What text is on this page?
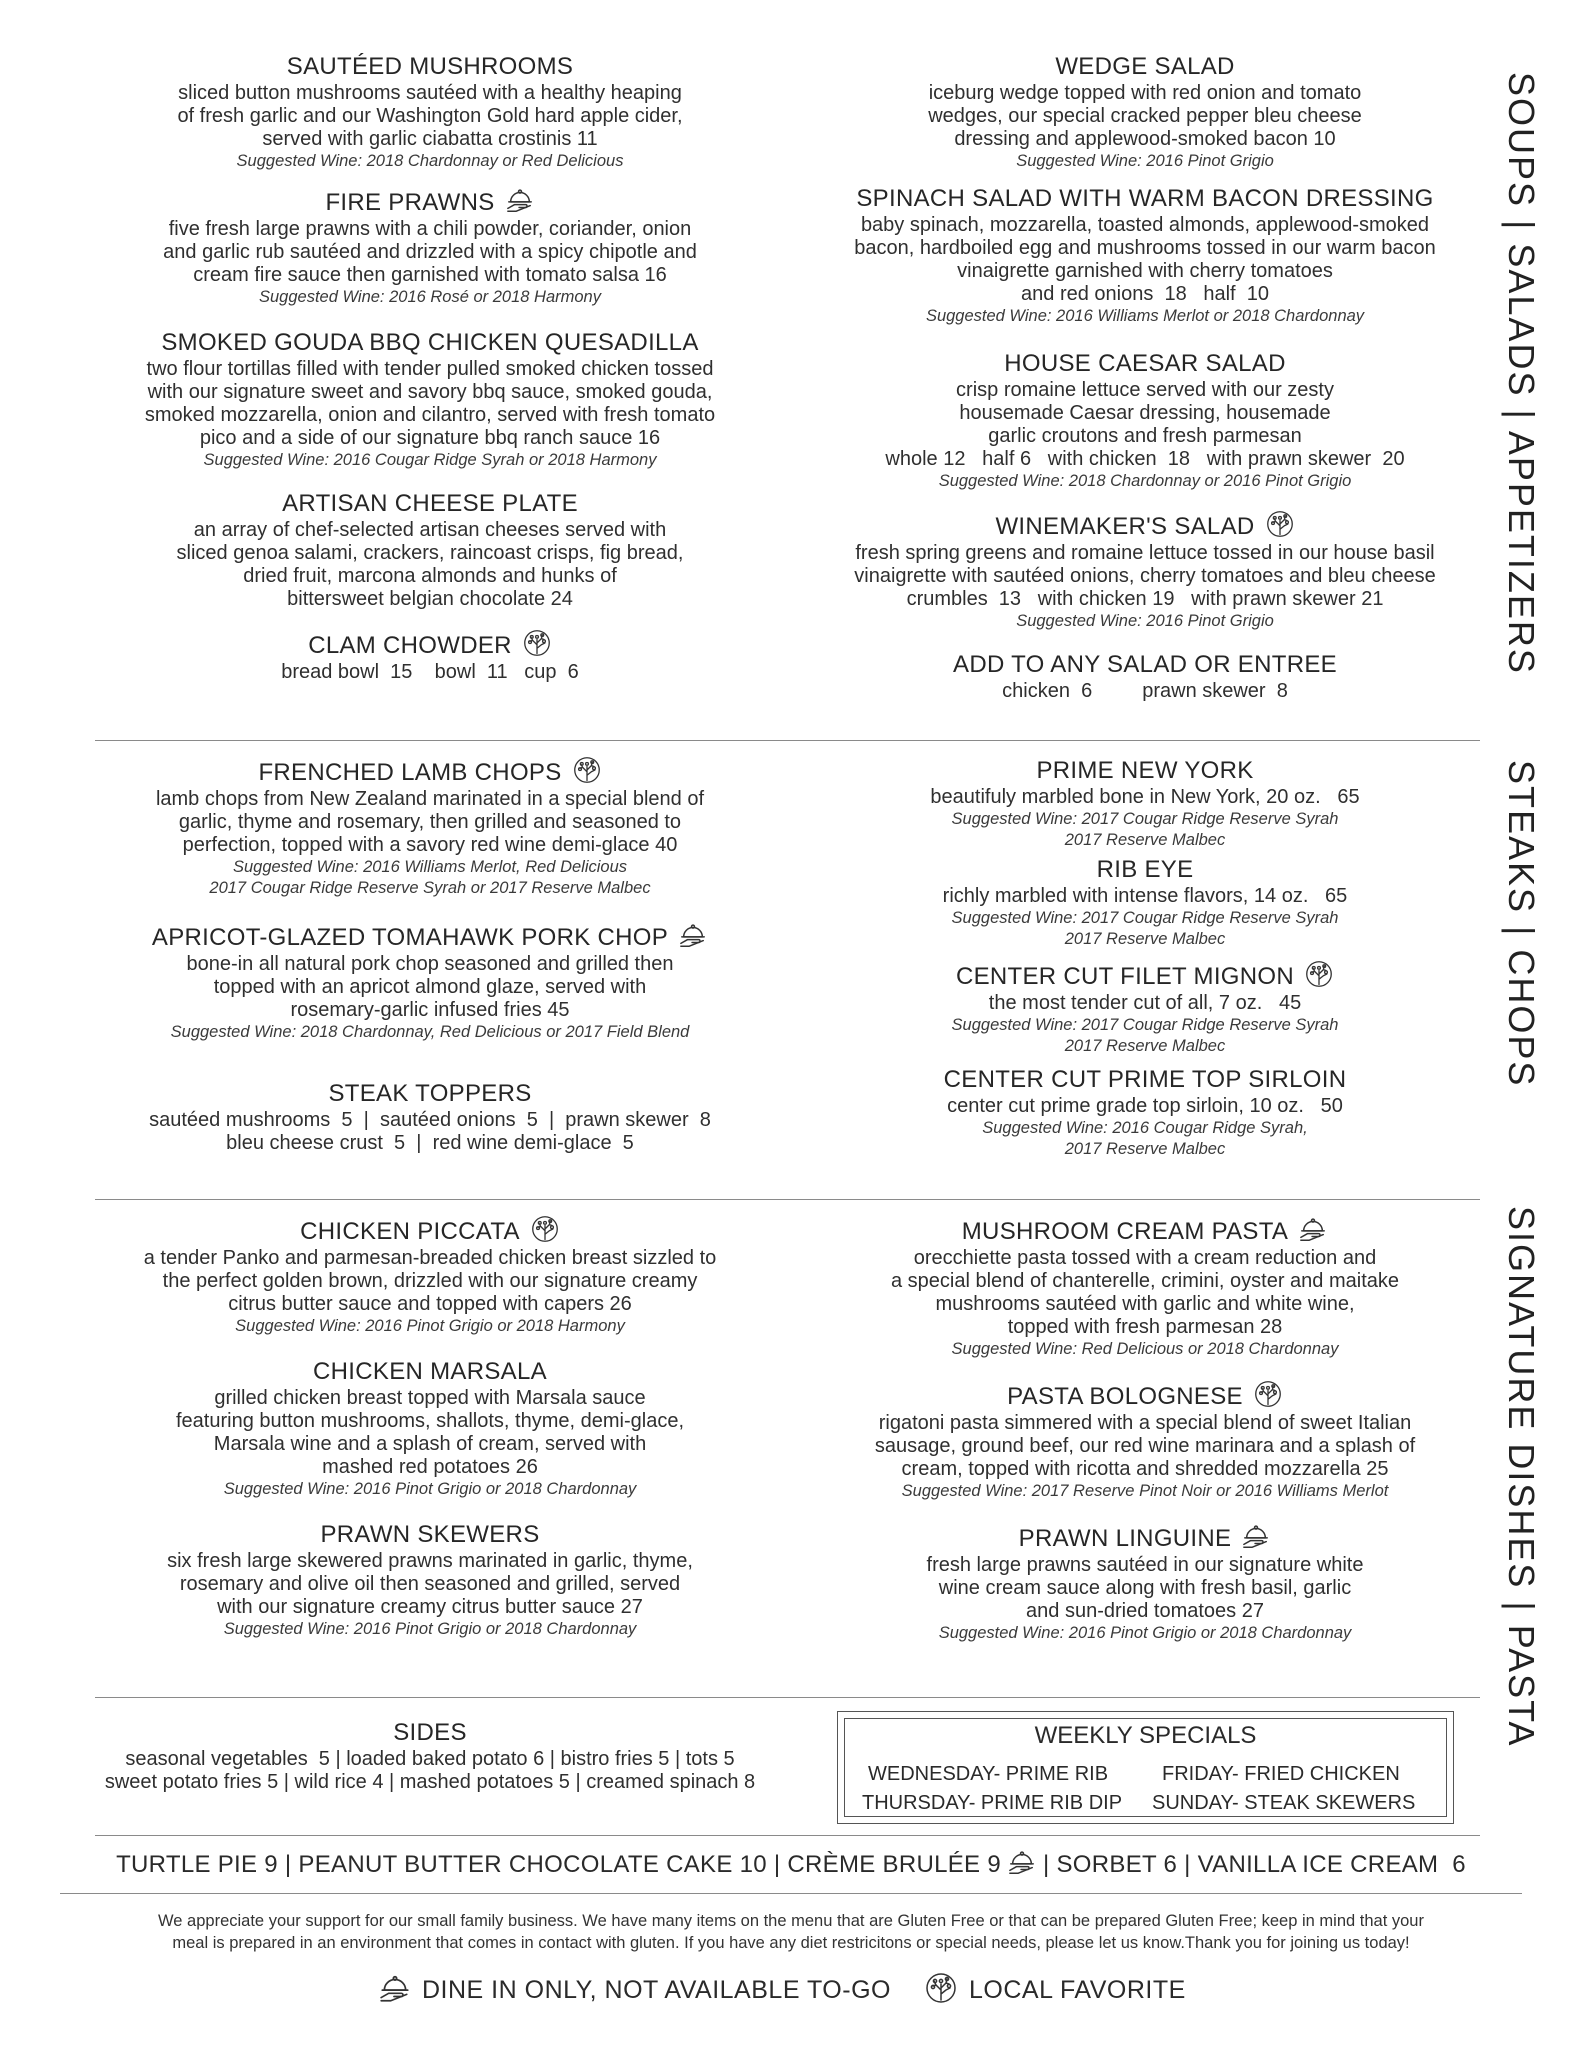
SOUPS | SALADS | APPETIZERS
STEAKS | CHOPS
SIGNATURE DISHES | PASTA
SAUTÉED MUSHROOMS
sliced button mushrooms sautéed with a healthy heaping
of fresh garlic and our Washington Gold hard apple cider,
served with garlic ciabatta crostinis 11
Suggested Wine: 2018 Chardonnay or Red Delicious
FIRE PRAWNS
five fresh large prawns with a chili powder, coriander, onion
and garlic rub sautéed and drizzled with a spicy chipotle and
cream fire sauce then garnished with tomato salsa 16
Suggested Wine: 2016 Rosé or 2018 Harmony
SMOKED GOUDA BBQ CHICKEN QUESADILLA
two flour tortillas filled with tender pulled smoked chicken tossed
with our signature sweet and savory bbq sauce, smoked gouda,
smoked mozzarella, onion and cilantro, served with fresh tomato
pico and a side of our signature bbq ranch sauce 16
Suggested Wine: 2016 Cougar Ridge Syrah or 2018 Harmony
ARTISAN CHEESE PLATE
an array of chef-selected artisan cheeses served with
sliced genoa salami, crackers, raincoast crisps, fig bread,
dried fruit, marcona almonds and hunks of
bittersweet belgian chocolate 24
CLAM CHOWDER
bread bowl  15    bowl  11   cup  6
WEDGE SALAD
iceburg wedge topped with red onion and tomato
wedges, our special cracked pepper bleu cheese
dressing and applewood-smoked bacon 10
Suggested Wine: 2016 Pinot Grigio
SPINACH SALAD WITH WARM BACON DRESSING
baby spinach, mozzarella, toasted almonds, applewood-smoked
bacon, hardboiled egg and mushrooms tossed in our warm bacon
vinaigrette garnished with cherry tomatoes
and red onions  18   half  10
Suggested Wine: 2016 Williams Merlot or 2018 Chardonnay
HOUSE CAESAR SALAD
crisp romaine lettuce served with our zesty
housemade Caesar dressing, housemade
garlic croutons and fresh parmesan
whole 12   half 6   with chicken  18   with prawn skewer  20
Suggested Wine: 2018 Chardonnay or 2016 Pinot Grigio
WINEMAKER'S SALAD
fresh spring greens and romaine lettuce tossed in our house basil
vinaigrette with sautéed onions, cherry tomatoes and bleu cheese
crumbles  13   with chicken 19   with prawn skewer 21
Suggested Wine: 2016 Pinot Grigio
ADD TO ANY SALAD OR ENTREE
chicken  6         prawn skewer  8
FRENCHED LAMB CHOPS
lamb chops from New Zealand marinated in a special blend of
garlic, thyme and rosemary, then grilled and seasoned to
perfection, topped with a savory red wine demi-glace 40
Suggested Wine: 2016 Williams Merlot, Red Delicious
2017 Cougar Ridge Reserve Syrah or 2017 Reserve Malbec
APRICOT-GLAZED TOMAHAWK PORK CHOP
bone-in all natural pork chop seasoned and grilled then
topped with an apricot almond glaze, served with
rosemary-garlic infused fries 45
Suggested Wine: 2018 Chardonnay, Red Delicious or 2017 Field Blend
STEAK TOPPERS
sautéed mushrooms  5  |  sautéed onions  5  |  prawn skewer  8
bleu cheese crust  5  |  red wine demi-glace  5
PRIME NEW YORK
beautifuly marbled bone in New York, 20 oz.   65
Suggested Wine: 2017 Cougar Ridge Reserve Syrah
2017 Reserve Malbec
RIB EYE
richly marbled with intense flavors, 14 oz.   65
Suggested Wine: 2017 Cougar Ridge Reserve Syrah
2017 Reserve Malbec
CENTER CUT FILET MIGNON
the most tender cut of all, 7 oz.   45
Suggested Wine: 2017 Cougar Ridge Reserve Syrah
2017 Reserve Malbec
CENTER CUT PRIME TOP SIRLOIN
center cut prime grade top sirloin, 10 oz.   50
Suggested Wine: 2016 Cougar Ridge Syrah,
2017 Reserve Malbec
CHICKEN PICCATA
a tender Panko and parmesan-breaded chicken breast sizzled to
the perfect golden brown, drizzled with our signature creamy
citrus butter sauce and topped with capers 26
Suggested Wine: 2016 Pinot Grigio or 2018 Harmony
CHICKEN MARSALA
grilled chicken breast topped with Marsala sauce
featuring button mushrooms, shallots, thyme, demi-glace,
Marsala wine and a splash of cream, served with
mashed red potatoes 26
Suggested Wine: 2016 Pinot Grigio or 2018 Chardonnay
PRAWN SKEWERS
six fresh large skewered prawns marinated in garlic, thyme,
rosemary and olive oil then seasoned and grilled, served
with our signature creamy citrus butter sauce 27
Suggested Wine: 2016 Pinot Grigio or 2018 Chardonnay
MUSHROOM CREAM PASTA
orecchiette pasta tossed with a cream reduction and
a special blend of chanterelle, crimini, oyster and maitake
mushrooms sautéed with garlic and white wine,
topped with fresh parmesan 28
Suggested Wine: Red Delicious or 2018 Chardonnay
PASTA BOLOGNESE
rigatoni pasta simmered with a special blend of sweet Italian
sausage, ground beef, our red wine marinara and a splash of
cream, topped with ricotta and shredded mozzarella 25
Suggested Wine: 2017 Reserve Pinot Noir or 2016 Williams Merlot
PRAWN LINGUINE
fresh large prawns sautéed in our signature white
wine cream sauce along with fresh basil, garlic
and sun-dried tomatoes 27
Suggested Wine: 2016 Pinot Grigio or 2018 Chardonnay
SIDES
seasonal vegetables  5 | loaded baked potato 6 | bistro fries 5 | tots 5
sweet potato fries 5 | wild rice 4 | mashed potatoes 5 | creamed spinach 8
WEEKLY SPECIALS
WEDNESDAY- PRIME RIB	FRIDAY- FRIED CHICKEN
THURSDAY- PRIME RIB DIP SUNDAY- STEAK SKEWERS
TURTLE PIE 9 | PEANUT BUTTER CHOCOLATE CAKE 10 | CRÈME BRULÉE 9 | SORBET 6 | VANILLA ICE CREAM  6
We appreciate your support for our small family business. We have many items on the menu that are Gluten Free or that can be prepared Gluten Free; keep in mind that your
meal is prepared in an environment that comes in contact with gluten. If you have any diet restricitons or special needs, please let us know.Thank you for joining us today!
DINE IN ONLY, NOT AVAILABLE TO-GO	LOCAL FAVORITE
